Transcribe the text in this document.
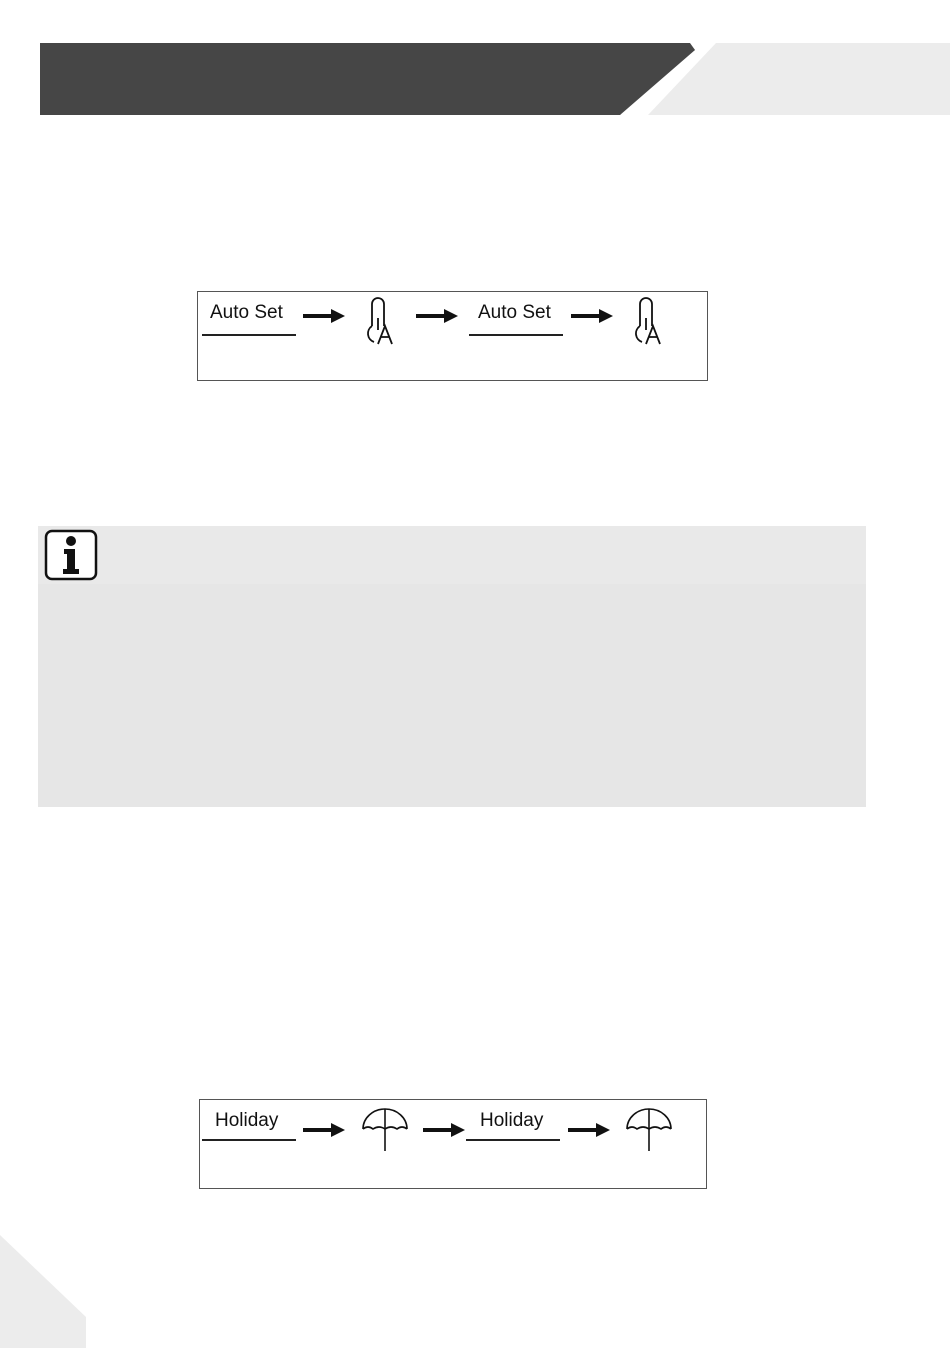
Auto Set	Auto Set
Holiday	Holiday
